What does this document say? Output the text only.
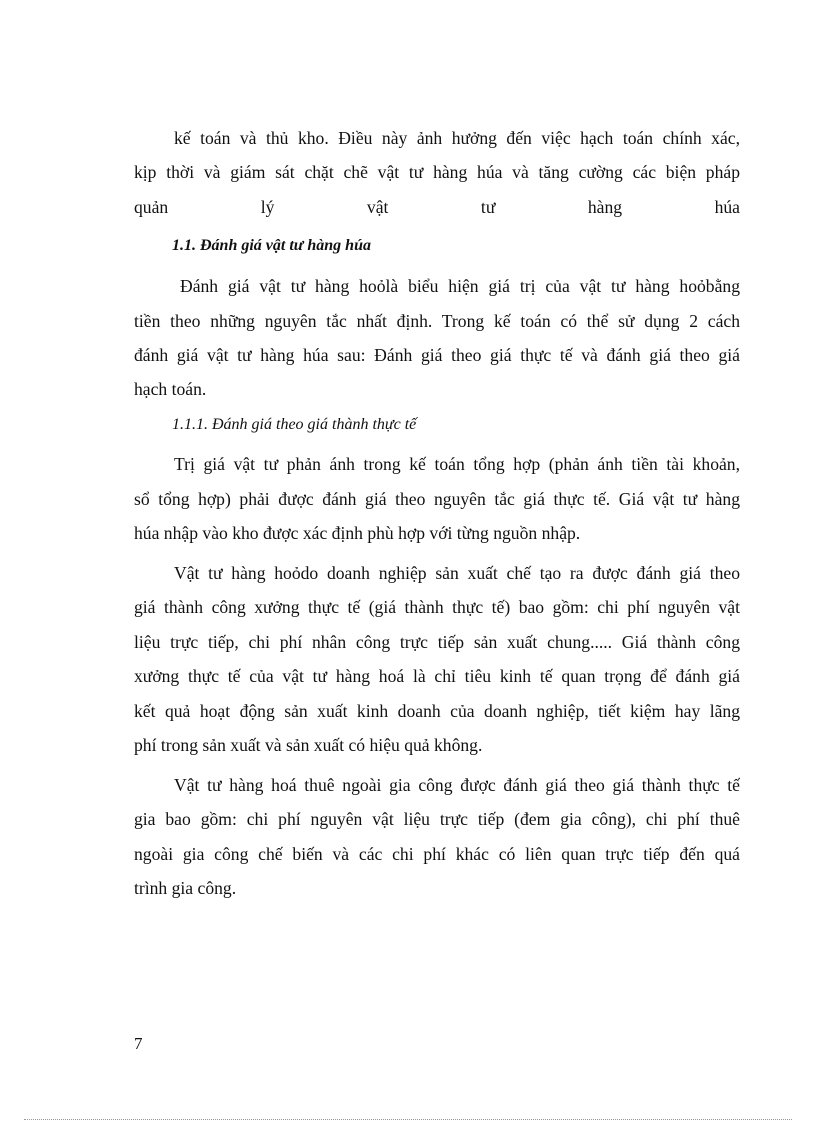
kế toán và thủ kho. Điều này ảnh hưởng đến việc hạch toán chính xác,

kịp thời và giám sát chặt chẽ vật tư hàng húa và tăng cường các biện pháp

quản lý vật tư hàng húa

1.1. Đánh giá vật tư hàng húa

Đánh giá vật tư hàng hoỏlà biểu hiện giá trị của vật tư hàng hoỏbằng

tiền theo những nguyên tắc nhất định. Trong kế toán có thể sử dụng 2 cách

đánh giá vật tư hàng húa sau: Đánh giá theo giá thực tế và đánh giá theo giá

hạch toán.

1.1.1. Đánh giá theo giá thành thực tế

Trị giá vật tư phản ánh trong kế toán tổng hợp (phản ánh tiền tài khoản,

sổ tổng hợp) phải được đánh giá theo nguyên tắc giá thực tế. Giá vật tư hàng

húa nhập vào kho được xác định phù hợp với từng nguồn nhập.

Vật tư hàng hoỏdo doanh nghiệp sản xuất chế tạo ra được đánh giá theo

giá thành công xưởng thực tế (giá thành thực tế) bao gồm: chi phí nguyên vật

liệu trực tiếp, chi phí nhân công trực tiếp sản xuất chung..... Giá thành công

xưởng thực tế của vật tư hàng hoá là chỉ tiêu kinh tế quan trọng để đánh giá

kết quả hoạt động sản xuất kinh doanh của doanh nghiệp, tiết kiệm hay lãng

phí trong sản xuất và sản xuất có hiệu quả không.

Vật tư hàng hoá thuê ngoài gia công được đánh giá theo giá thành thực tế

gia bao gồm: chi phí nguyên vật liệu trực tiếp (đem gia công), chi phí thuê

ngoài gia công chế biến và các chi phí khác có liên quan trực tiếp đến quá

trình gia công.

7
